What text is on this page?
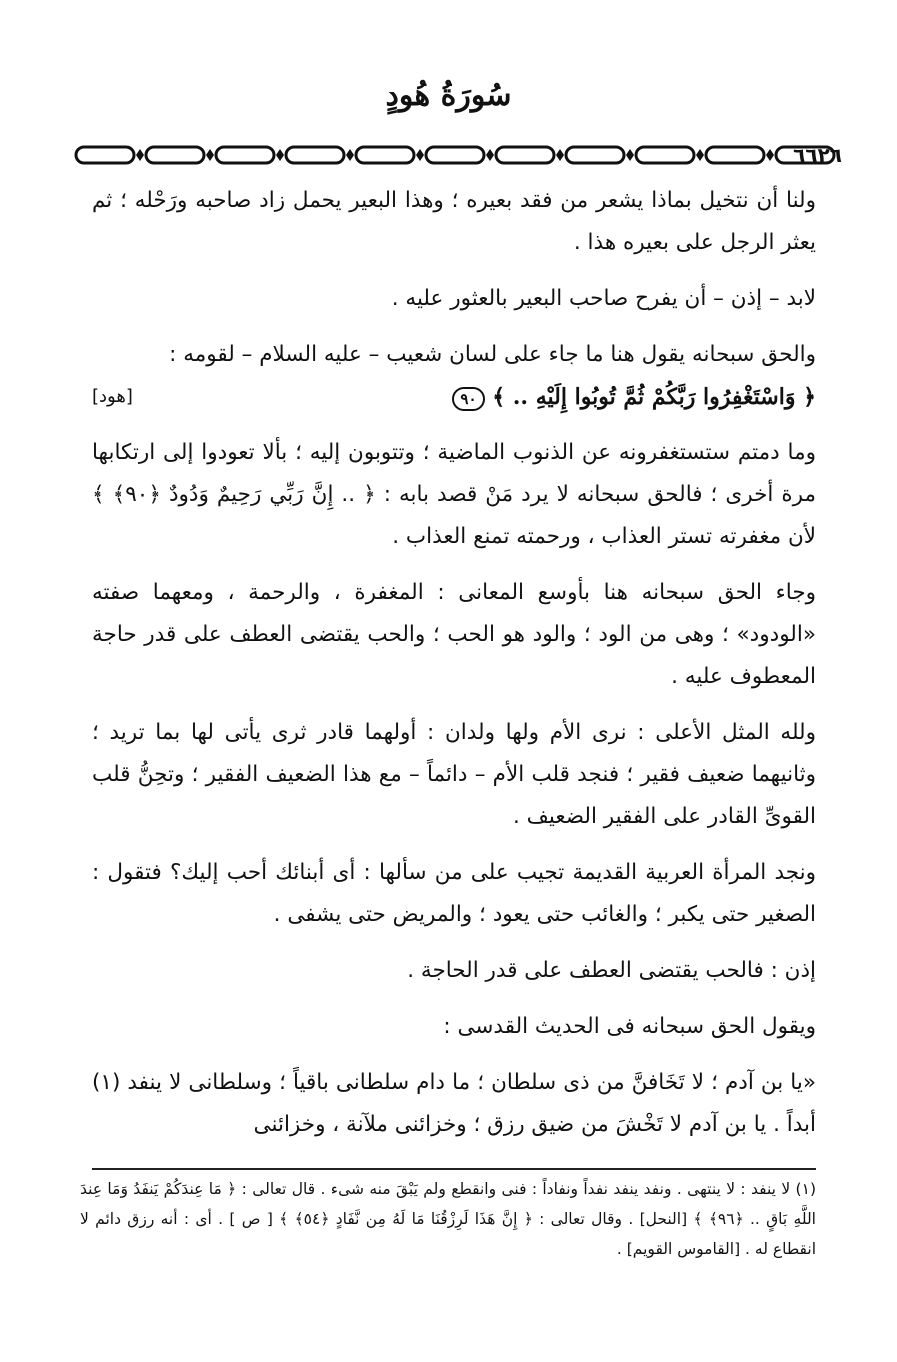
سُورَةُ هُودٍ
٦٦٢٦

ولنا أن نتخيل بماذا يشعر من فقد بعيره ؛ وهذا البعير يحمل زاد صاحبه ورَحْله ؛ ثم يعثر الرجل على بعيره هذا .

لابد – إذن – أن يفرح صاحب البعير بالعثور عليه .

والحق سبحانه يقول هنا ما جاء على لسان شعيب – عليه السلام – لقومه :

﴿ وَاسْتَغْفِرُوا رَبَّكُمْ ثُمَّ تُوبُوا إِلَيْهِ .. ﴾ ٩٠
[هود]

وما دمتم ستستغفرونه عن الذنوب الماضية ؛ وتتوبون إليه ؛ بألا تعودوا إلى ارتكابها مرة أخرى ؛ فالحق سبحانه لا يرد مَنْ قصد بابه : ﴿ .. إِنَّ رَبِّي رَحِيمٌ وَدُودٌ ﴿٩٠﴾ ﴾ لأن مغفرته تستر العذاب ، ورحمته تمنع العذاب .

وجاء الحق سبحانه هنا بأوسع المعانى : المغفرة ، والرحمة ، ومعهما صفته «الودود» ؛ وهى من الود ؛ والود هو الحب ؛ والحب يقتضى العطف على قدر حاجة المعطوف عليه .

ولله المثل الأعلى : نرى الأم ولها ولدان : أولهما قادر ثرى يأتى لها بما تريد ؛ وثانيهما ضعيف فقير ؛ فنجد قلب الأم – دائماً – مع هذا الضعيف الفقير ؛ وتحِنُّ قلب القوىِّ القادر على الفقير الضعيف .

ونجد المرأة العربية القديمة تجيب على من سألها : أى أبنائك أحب إليك؟ فتقول : الصغير حتى يكبر ؛ والغائب حتى يعود ؛ والمريض حتى يشفى .

إذن : فالحب يقتضى العطف على قدر الحاجة .

ويقول الحق سبحانه فى الحديث القدسى :

«يا بن آدم ؛ لا تَخَافنَّ من ذى سلطان ؛ ما دام سلطانى باقياً ؛ وسلطانى لا ينفد (١) أبداً . يا بن آدم لا تَخْشَ من ضيق رزق ؛ وخزائنى ملآنة ، وخزائنى

(١) لا ينفد : لا ينتهى . ونفد ينفد نفداً ونفاداً : فنى وانقطع ولم يَبْقَ منه شىء . قال تعالى : ﴿ مَا عِندَكُمْ يَنفَدُ وَمَا عِندَ اللَّهِ بَاقٍ .. ﴿٩٦﴾ ﴾ [النحل] . وقال تعالى : ﴿ إِنَّ هَذَا لَرِزْقُنَا مَا لَهُ مِن نَّفَادٍ ﴿٥٤﴾ ﴾ [ ص ] . أى : أنه رزق دائم لا انقطاع له . [القاموس القويم] .
